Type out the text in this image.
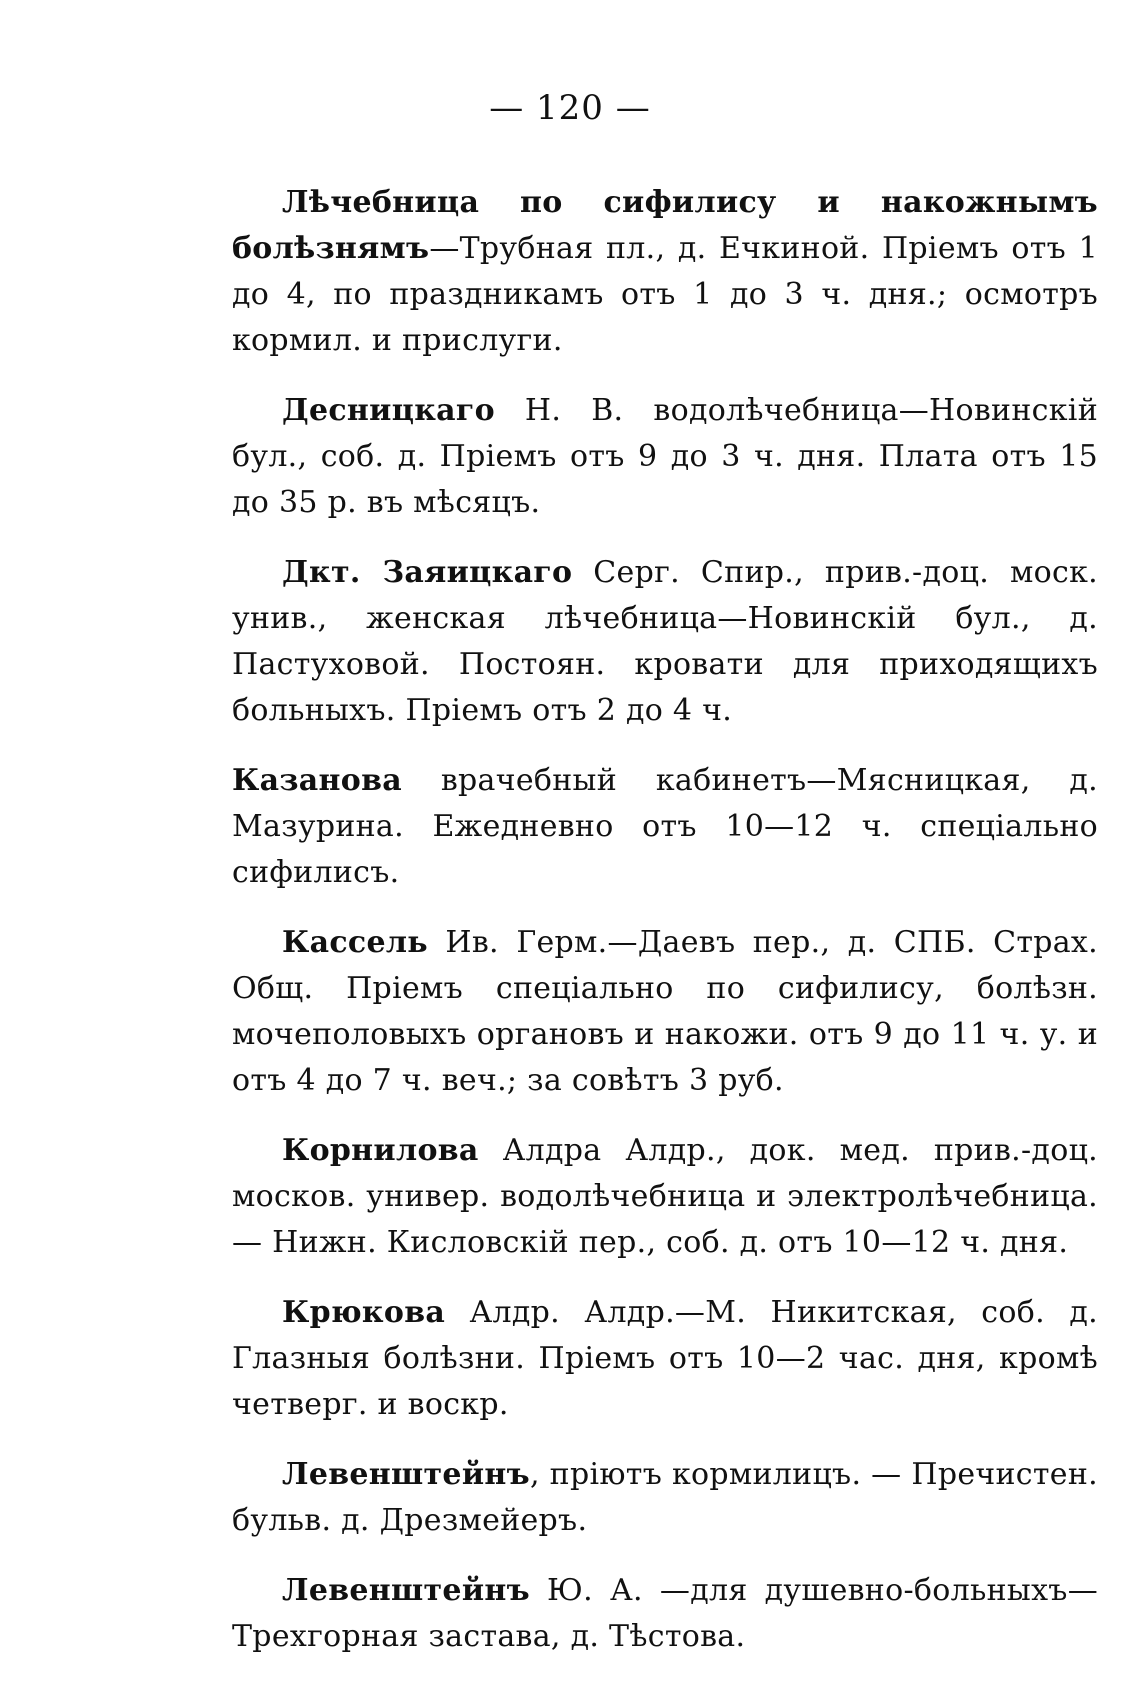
— 120 —

Лѣчебница по сифилису и накожнымъ болѣзнямъ—Трубная пл., д. Ечкиной. Пріемъ отъ 1 до 4, по праздникамъ отъ 1 до 3 ч. дня.; осмотръ кормил. и прислуги.

Десницкаго Н. В. водолѣчебница—Новинскій бул., соб. д. Пріемъ отъ 9 до 3 ч. дня. Плата отъ 15 до 35 р. въ мѣсяцъ.

Дкт. Заяицкаго Серг. Спир., прив.-доц. моск. унив., женская лѣчебница—Новинскій бул., д. Пастуховой. Постоян. кровати для приходящихъ больныхъ. Пріемъ отъ 2 до 4 ч.

Казанова врачебный кабинетъ—Мясницкая, д. Мазурина. Ежедневно отъ 10—12 ч. спеціально сифилисъ.

Кассель Ив. Герм.—Даевъ пер., д. СПБ. Страх. Общ. Пріемъ спеціально по сифилису, болѣзн. мочеполовыхъ органовъ и накожи. отъ 9 до 11 ч. у. и отъ 4 до 7 ч. веч.; за совѣтъ 3 руб.

Корнилова Алдра Алдр., док. мед. прив.-доц. москов. универ. водолѣчебница и электролѣчебница.— Нижн. Кисловскій пер., соб. д. отъ 10—12 ч. дня.

Крюкова Алдр. Алдр.—М. Никитская, соб. д. Глазныя болѣзни. Пріемъ отъ 10—2 час. дня, кромѣ четверг. и воскр.

Левенштейнъ, пріютъ кормилицъ. — Пречистен. бульв. д. Дрезмейеръ.

Левенштейнъ Ю. А. —для душевно-больныхъ— Трехгорная застава, д. Тѣстова.
